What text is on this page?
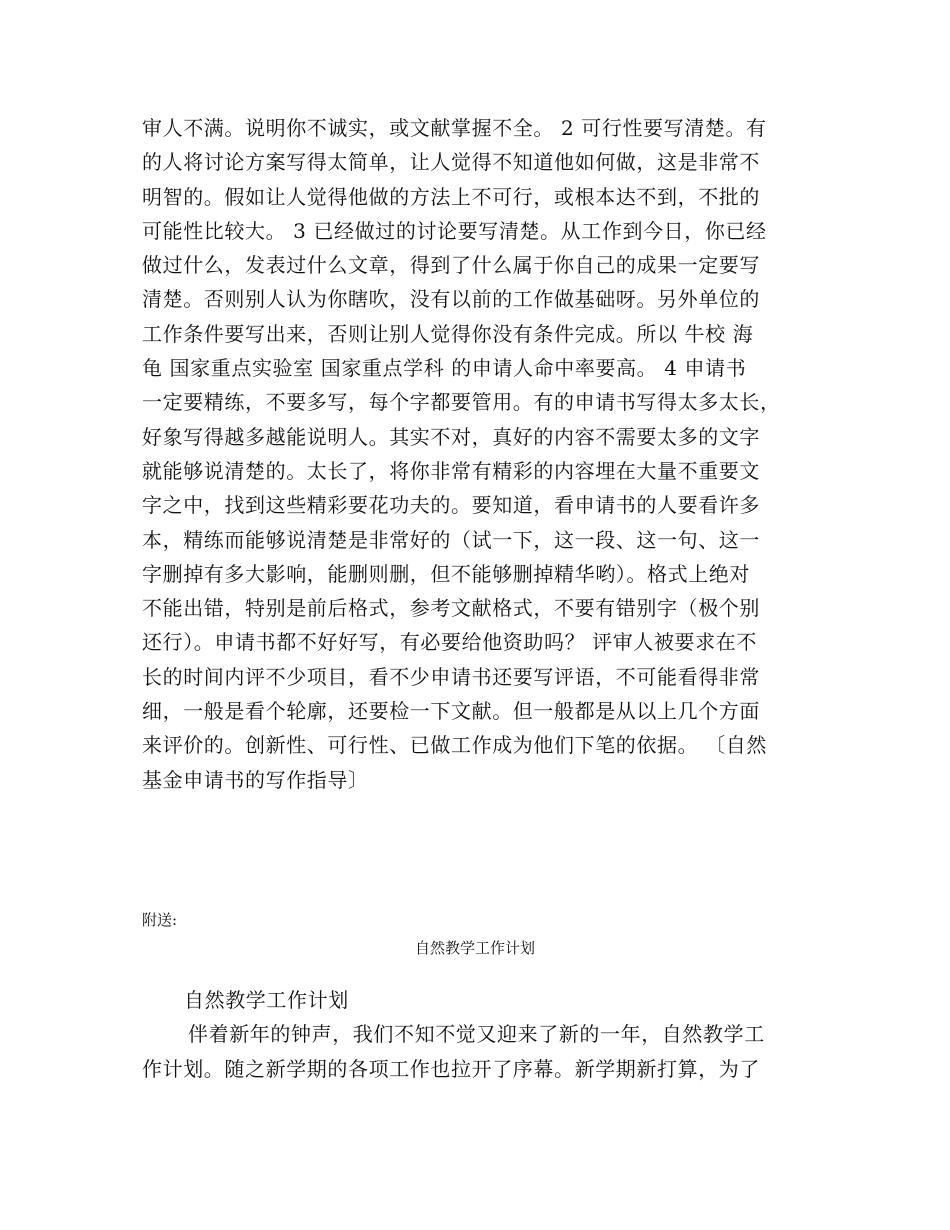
审人不满。说明你不诚实，或文献掌握不全。 2 可行性要写清楚。有
的人将讨论方案写得太简单，让人觉得不知道他如何做，这是非常不
明智的。假如让人觉得他做的方法上不可行，或根本达不到，不批的
可能性比较大。 3 已经做过的讨论要写清楚。从工作到今日，你已经
做过什么，发表过什么文章，得到了什么属于你自己的成果一定要写
清楚。否则别人认为你瞎吹，没有以前的工作做基础呀。另外单位的
工作条件要写出来，否则让别人觉得你没有条件完成。所以 牛校 海
龟 国家重点实验室 国家重点学科 的申请人命中率要高。 4 申请书
一定要精练，不要多写，每个字都要管用。有的申请书写得太多太长，
好象写得越多越能说明人。其实不对，真好的内容不需要太多的文字
就能够说清楚的。太长了，将你非常有精彩的内容埋在大量不重要文
字之中，找到这些精彩要花功夫的。要知道，看申请书的人要看许多
本，精练而能够说清楚是非常好的（试一下，这一段、这一句、这一
字删掉有多大影响，能删则删，但不能够删掉精华哟）。格式上绝对
不能出错，特别是前后格式，参考文献格式，不要有错别字（极个别
还行）。申请书都不好好写，有必要给他资助吗？ 评审人被要求在不
长的时间内评不少项目，看不少申请书还要写评语，不可能看得非常
细，一般是看个轮廓，还要检一下文献。但一般都是从以上几个方面
来评价的。创新性、可行性、已做工作成为他们下笔的依据。 〔自然
基金申请书的写作指导〕

附送:

自然教学工作计划

自然教学工作计划
伴着新年的钟声，我们不知不觉又迎来了新的一年，自然教学工
作计划。随之新学期的各项工作也拉开了序幕。新学期新打算，为了
